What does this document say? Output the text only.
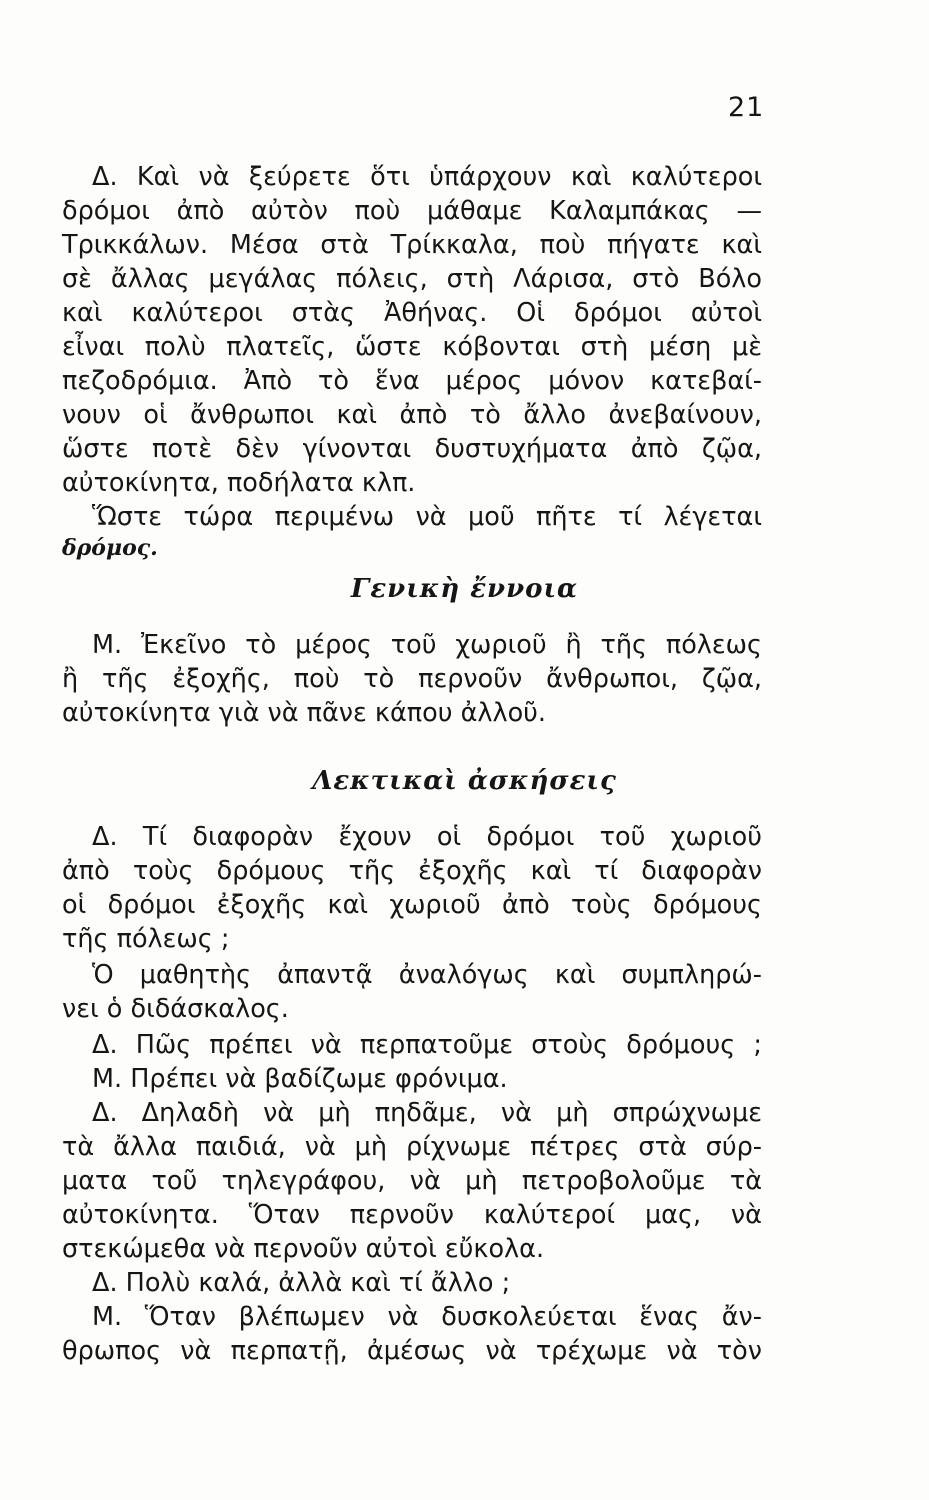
21
Δ. Καὶ νὰ ξεύρετε ὅτι ὑπάρχουν καὶ καλύτεροι
δρόμοι ἀπὸ αὐτὸν ποὺ μάθαμε Καλαμπάκας —
Τρικκάλων. Μέσα στὰ Τρίκκαλα, ποὺ πήγατε καὶ
σὲ ἄλλας μεγάλας πόλεις, στὴ Λάρισα, στὸ Βόλο
καὶ καλύτεροι στὰς Ἀθήνας. Οἱ δρόμοι αὐτοὶ
εἶναι πολὺ πλατεῖς, ὥστε κόβονται στὴ μέση μὲ
πεζοδρόμια. Ἀπὸ τὸ ἕνα μέρος μόνον κατεβαί-
νουν οἱ ἄνθρωποι καὶ ἀπὸ τὸ ἄλλο ἀνεβαίνουν,
ὥστε ποτὲ δὲν γίνονται δυστυχήματα ἀπὸ ζῷα,
αὐτοκίνητα, ποδήλατα κλπ.
Ὥστε τώρα περιμένω νὰ μοῦ πῆτε τί λέγεται
δρόμος.
Γενικὴ ἔννοια
Μ. Ἐκεῖνο τὸ μέρος τοῦ χωριοῦ ἢ τῆς πόλεως
ἢ τῆς ἐξοχῆς, ποὺ τὸ περνοῦν ἄνθρωποι, ζῷα,
αὐτοκίνητα γιὰ νὰ πᾶνε κάπου ἀλλοῦ.
Λεκτικαὶ ἀσκήσεις
Δ. Τί διαφορὰν ἔχουν οἱ δρόμοι τοῦ χωριοῦ
ἀπὸ τοὺς δρόμους τῆς ἐξοχῆς καὶ τί διαφορὰν
οἱ δρόμοι ἐξοχῆς καὶ χωριοῦ ἀπὸ τοὺς δρόμους
τῆς πόλεως ;
Ὁ μαθητὴς ἀπαντᾷ ἀναλόγως καὶ συμπληρώ-
νει ὁ διδάσκαλος.
Δ. Πῶς πρέπει νὰ περπατοῦμε στοὺς δρόμους ;
Μ. Πρέπει νὰ βαδίζωμε φρόνιμα.
Δ. Δηλαδὴ νὰ μὴ πηδᾶμε, νὰ μὴ σπρώχνωμε
τὰ ἄλλα παιδιά, νὰ μὴ ρίχνωμε πέτρες στὰ σύρ-
ματα τοῦ τηλεγράφου, νὰ μὴ πετροβολοῦμε τὰ
αὐτοκίνητα. Ὅταν περνοῦν καλύτεροί μας, νὰ
στεκώμεθα νὰ περνοῦν αὐτοὶ εὔκολα.
Δ. Πολὺ καλά, ἀλλὰ καὶ τί ἄλλο ;
Μ. Ὅταν βλέπωμεν νὰ δυσκολεύεται ἕνας ἄν-
θρωπος νὰ περπατῇ, ἀμέσως νὰ τρέχωμε νὰ τὸν
